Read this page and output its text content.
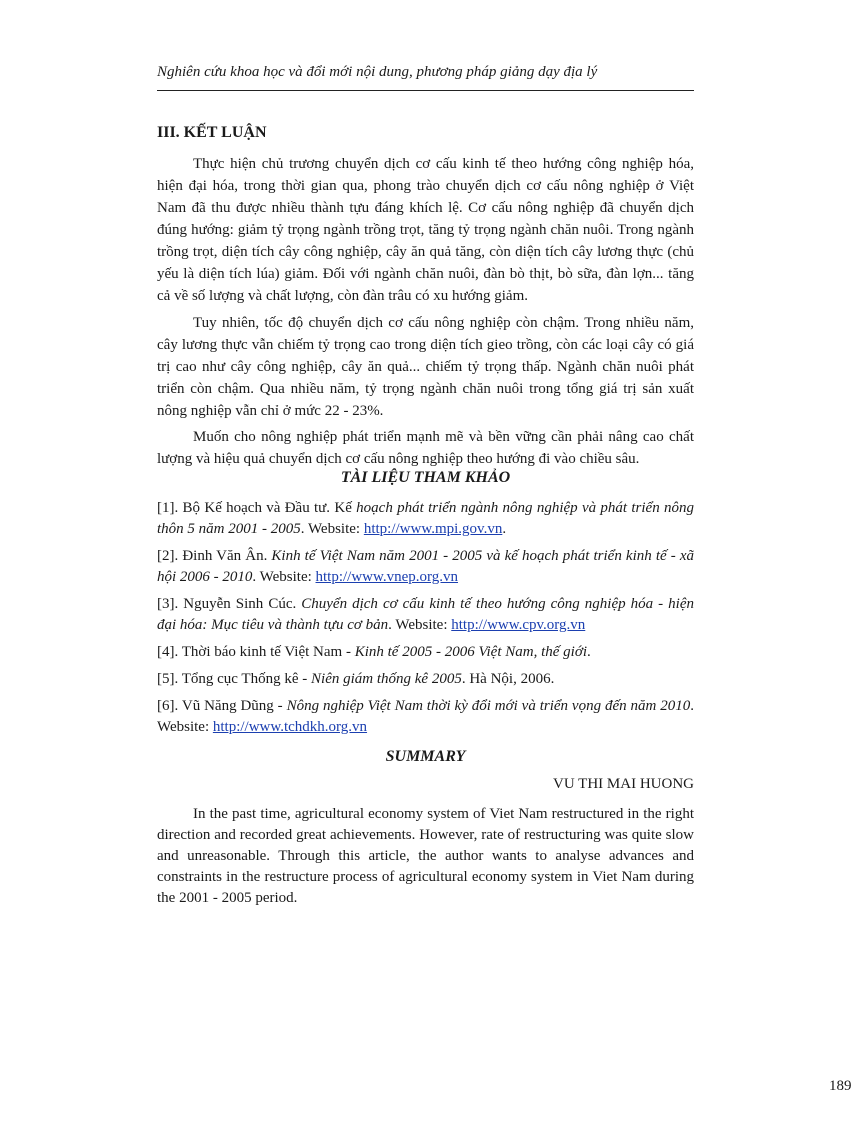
Nghiên cứu khoa học và đổi mới nội dung, phương pháp giảng dạy địa lý

III. KẾT LUẬN

Thực hiện chủ trương chuyển dịch cơ cấu kinh tế theo hướng công nghiệp hóa, hiện đại hóa, trong thời gian qua, phong trào chuyển dịch cơ cấu nông nghiệp ở Việt Nam đã thu được nhiều thành tựu đáng khích lệ. Cơ cấu nông nghiệp đã chuyển dịch đúng hướng: giảm tỷ trọng ngành trồng trọt, tăng tỷ trọng ngành chăn nuôi. Trong ngành trồng trọt, diện tích cây công nghiệp, cây ăn quả tăng, còn diện tích cây lương thực (chủ yếu là diện tích lúa) giảm. Đối với ngành chăn nuôi, đàn bò thịt, bò sữa, đàn lợn... tăng cả về số lượng và chất lượng, còn đàn trâu có xu hướng giảm.

Tuy nhiên, tốc độ chuyển dịch cơ cấu nông nghiệp còn chậm. Trong nhiều năm, cây lương thực vẫn chiếm tỷ trọng cao trong diện tích gieo trồng, còn các loại cây có giá trị cao như cây công nghiệp, cây ăn quả... chiếm tỷ trọng thấp. Ngành chăn nuôi phát triển còn chậm. Qua nhiều năm, tỷ trọng ngành chăn nuôi trong tổng giá trị sản xuất nông nghiệp vẫn chỉ ở mức 22 - 23%.

Muốn cho nông nghiệp phát triển mạnh mẽ và bền vững cần phải nâng cao chất lượng và hiệu quả chuyển dịch cơ cấu nông nghiệp theo hướng đi vào chiều sâu.

TÀI LIỆU THAM KHẢO

[1]. Bộ Kế hoạch và Đầu tư. Kế hoạch phát triển ngành nông nghiệp và phát triển nông thôn 5 năm 2001 - 2005. Website: http://www.mpi.gov.vn.

[2]. Đinh Văn Ân. Kinh tế Việt Nam năm 2001 - 2005 và kế hoạch phát triển kinh tế - xã hội 2006 - 2010. Website: http://www.vnep.org.vn

[3]. Nguyễn Sinh Cúc. Chuyển dịch cơ cấu kinh tế theo hướng công nghiệp hóa - hiện đại hóa: Mục tiêu và thành tựu cơ bản. Website: http://www.cpv.org.vn

[4]. Thời báo kinh tế Việt Nam - Kinh tế 2005 - 2006 Việt Nam, thế giới.

[5]. Tổng cục Thống kê - Niên giám thống kê 2005. Hà Nội, 2006.

[6]. Vũ Năng Dũng - Nông nghiệp Việt Nam thời kỳ đổi mới và triển vọng đến năm 2010. Website: http://www.tchdkh.org.vn

SUMMARY

VU THI MAI HUONG

In the past time, agricultural economy system of Viet Nam restructured in the right direction and recorded great achievements. However, rate of restructuring was quite slow and unreasonable. Through this article, the author wants to analyse advances and constraints in the restructure process of agricultural economy system in Viet Nam during the 2001 - 2005 period.

189
